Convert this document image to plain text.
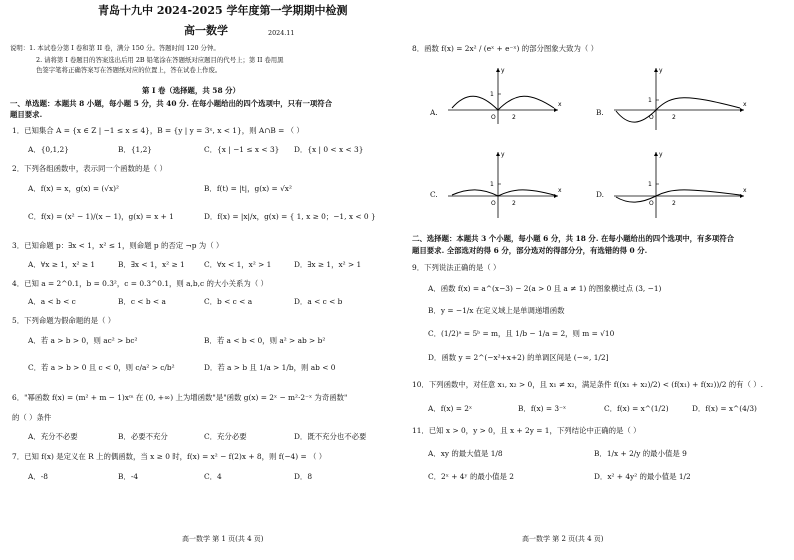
青岛十九中 2024-2025 学年度第一学期期中检测
高一数学	2024.11
说明：1. 本试卷分第 I 卷和第 II 卷，满分 150 分。答题时间 120 分钟。
2. 请将第 I 卷题目的答案选出后用 2B 铅笔涂在答题纸对应题目的代号上；第 II 卷用黑
色签字笔将正确答案写在答题纸对应的位置上，答在试卷上作废。
第 I 卷（选择题，共 58 分）
一、单选题：本题共 8 小题，每小题 5 分，共 40 分. 在每小题给出的四个选项中，只有一项符合
题目要求.
1．已知集合 A = {x ∈ Z | −1 ≤ x ≤ 4}，B = {y | y = 3ˣ, x < 1}，则 A∩B = （ ）
A．{0,1,2}	B．{1,2}	C．{x | −1 ≤ x < 3} D．{x | 0 < x < 3}
2．下列各组函数中，表示同一个函数的是（ ）
A．f(x) = x，g(x) = (√x)²	B．f(t) = |t|，g(x) = √x²
C．f(x) = (x² − 1)/(x − 1)，g(x) = x + 1	D．f(x) = |x|/x，g(x) = { 1, x ≥ 0；−1, x < 0 }
3．已知命题 p：∃x < 1，x² ≤ 1，则命题 p 的否定 ¬p 为（ ）
A．∀x ≥ 1，x² ≥ 1	B．∃x < 1，x² ≥ 1	C．∀x < 1，x² > 1	D．∃x ≥ 1，x² > 1
4．已知 a = 2^0.1，b = 0.3²，c = 0.3^0.1，则 a,b,c 的大小关系为（ ）
A．a < b < c	B．c < b < a	C．b < c < a	D．a < c < b
5．下列命题为假命题的是（ ）
A．若 a > b > 0，则 ac² > bc²	B．若 a < b < 0，则 a² > ab > b²
C．若 a > b > 0 且 c < 0，则 c/a² > c/b²	D．若 a > b 且 1/a > 1/b，则 ab < 0
6．"幂函数 f(x) = (m² + m − 1)xᵐ 在 (0, +∞) 上为增函数"是"函数 g(x) = 2ˣ − m²·2⁻ˣ 为奇函数"
的（ ）条件
A．充分不必要	B．必要不充分	C．充分必要	D．既不充分也不必要
7．已知 f(x) 是定义在 R 上的偶函数，当 x ≥ 0 时，f(x) = x² − f(2)x + 8，则 f(−4) = （ ）
A．-8	B．-4	C．4	D．8
高一数学 第 1 页(共 4 页)
8．函数 f(x) = 2x² / (eˣ + e⁻ˣ) 的部分图象大致为（ ）
A.
1
2
O
x
y
B.
1
2
O
x
y
C.
1
2
O
x
y
D.
1
2
O
x
y
二、选择题：本题共 3 个小题，每小题 6 分，共 18 分. 在每小题给出的四个选项中，有多项符合
题目要求. 全部选对的得 6 分，部分选对的得部分分，有选错的得 0 分.
9．下列说法正确的是（ ）
A．函数 f(x) = a^(x−3) − 2(a > 0 且 a ≠ 1) 的图象横过点 (3, −1)
B．y = −1/x 在定义域上是单调递增函数
C．(1/2)ᵃ = 5ᵇ = m，且 1/b − 1/a = 2，则 m = √10
D．函数 y = 2^(−x²+x+2) 的单调区间是 (−∞, 1/2]
10．下列函数中，对任意 x₁, x₂ > 0，且 x₁ ≠ x₂，满足条件 f((x₁ + x₂)/2) < (f(x₁) + f(x₂))/2 的有（ ）.
A．f(x) = 2ˣ	B．f(x) = 3⁻ˣ	C．f(x) = x^(1/2)	D．f(x) = x^(4/3)
11．已知 x > 0，y > 0，且 x + 2y = 1，下列结论中正确的是（ ）
A．xy 的最大值是 1/8	B．1/x + 2/y 的最小值是 9
C．2ˣ + 4ʸ 的最小值是 2	D．x² + 4y² 的最小值是 1/2
高一数学 第 2 页(共 4 页)
